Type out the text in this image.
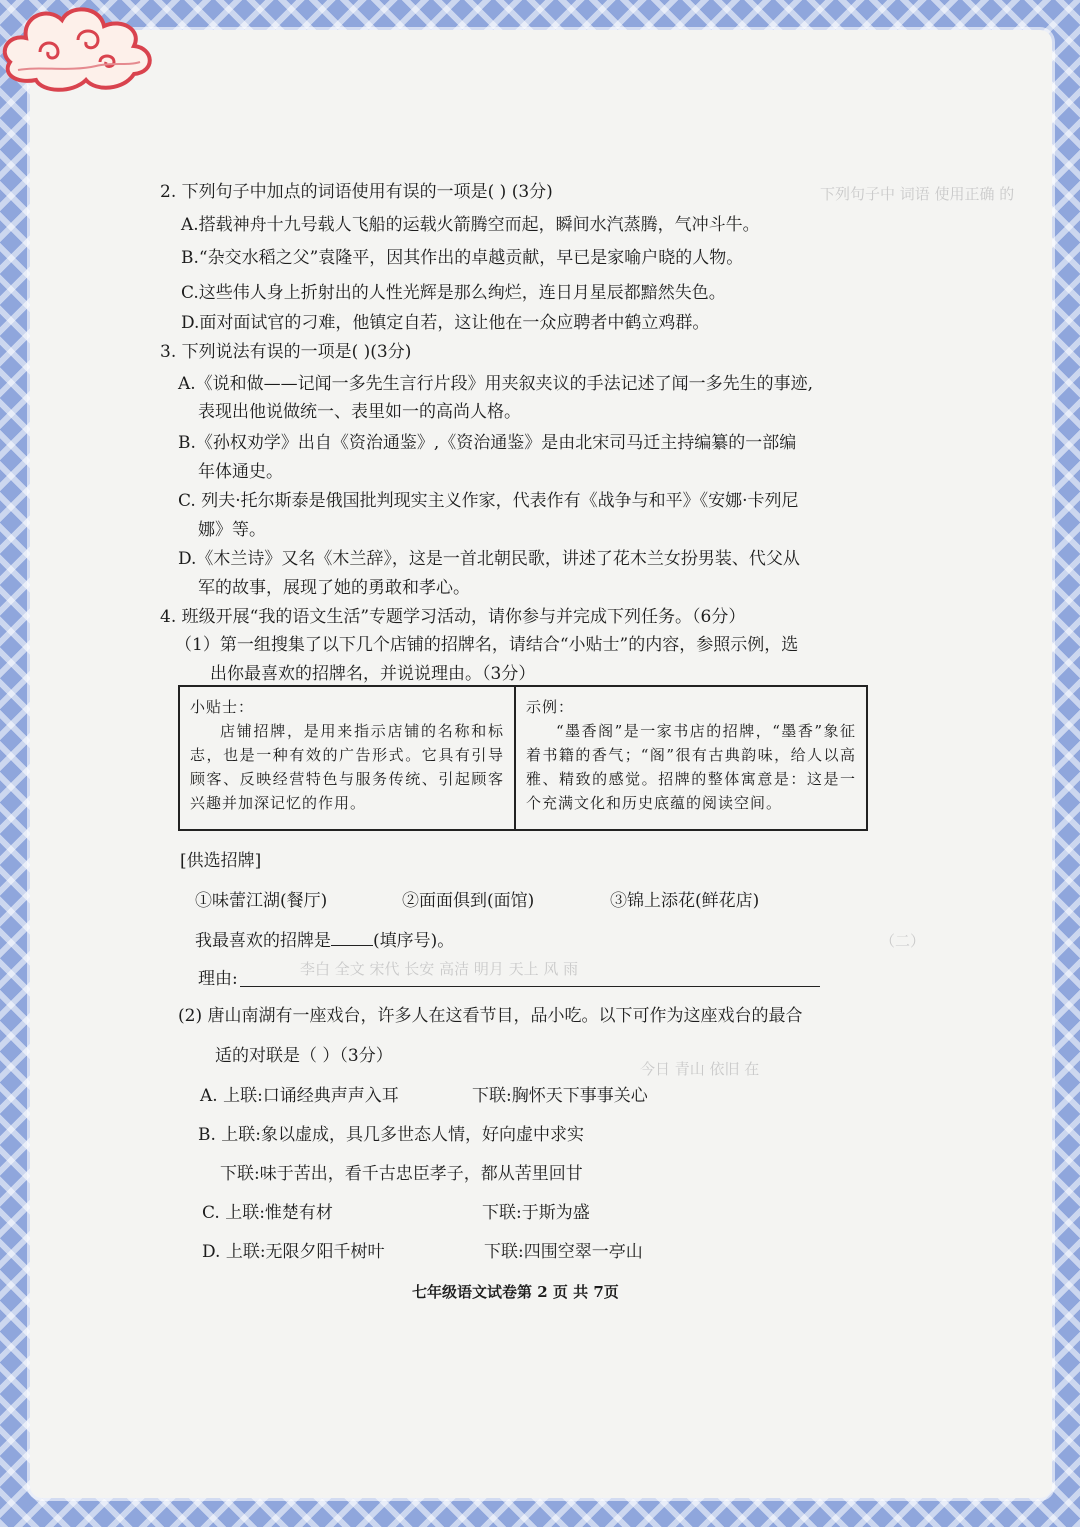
下列句子中 词语 使用正确 的
（二）
李白 全文 宋代 长安 高洁 明月 天上 风 雨
今日 青山 依旧 在
2. 下列句子中加点的词语使用有误的一项是( ) (3分)
A.搭载神舟十九号载人飞船的运载火箭腾空而起，瞬间水汽蒸腾，气冲斗牛。
B.“杂交水稻之父”袁隆平，因其作出的卓越贡献，早已是家喻户晓的人物。
C.这些伟人身上折射出的人性光辉是那么绚烂，连日月星辰都黯然失色。
D.面对面试官的刁难，他镇定自若，这让他在一众应聘者中鹤立鸡群。
3. 下列说法有误的一项是( )(3分)
A.《说和做——记闻一多先生言行片段》用夹叙夹议的手法记述了闻一多先生的事迹,
表现出他说做统一、表里如一的高尚人格。
B.《孙权劝学》出自《资治通鉴》,《资治通鉴》是由北宋司马迁主持编纂的一部编
年体通史。
C. 列夫·托尔斯泰是俄国批判现实主义作家，代表作有《战争与和平》《安娜·卡列尼
娜》等。
D.《木兰诗》又名《木兰辞》，这是一首北朝民歌，讲述了花木兰女扮男装、代父从
军的故事，展现了她的勇敢和孝心。
4. 班级开展“我的语文生活”专题学习活动，请你参与并完成下列任务。（6分）
（1）第一组搜集了以下几个店铺的招牌名，请结合“小贴士”的内容，参照示例，选
出你最喜欢的招牌名，并说说理由。（3分）
小贴士：

店铺招牌，是用来指示店铺的名称和标志，也是一种有效的广告形式。它具有引导顾客、反映经营特色与服务传统、引起顾客兴趣并加深记忆的作用。

示例：

“墨香阁”是一家书店的招牌，“墨香”象征着书籍的香气；“阁”很有古典韵味，给人以高雅、精致的感觉。招牌的整体寓意是：这是一个充满文化和历史底蕴的阅读空间。

[供选招牌]
①味蕾江湖(餐厅)	②面面俱到(面馆)	③锦上添花(鲜花店)
我最喜欢的招牌是 (填序号)。
理由:
(2) 唐山南湖有一座戏台，许多人在这看节目，品小吃。以下可作为这座戏台的最合
适的对联是（ ）（3分）
A. 上联:口诵经典声声入耳	下联:胸怀天下事事关心
B. 上联:象以虚成，具几多世态人情，好向虚中求实
下联:味于苦出，看千古忠臣孝子，都从苦里回甘
C. 上联:惟楚有材	下联:于斯为盛
D. 上联:无限夕阳千树叶	下联:四围空翠一亭山
七年级语文试卷第 2 页 共 7页
